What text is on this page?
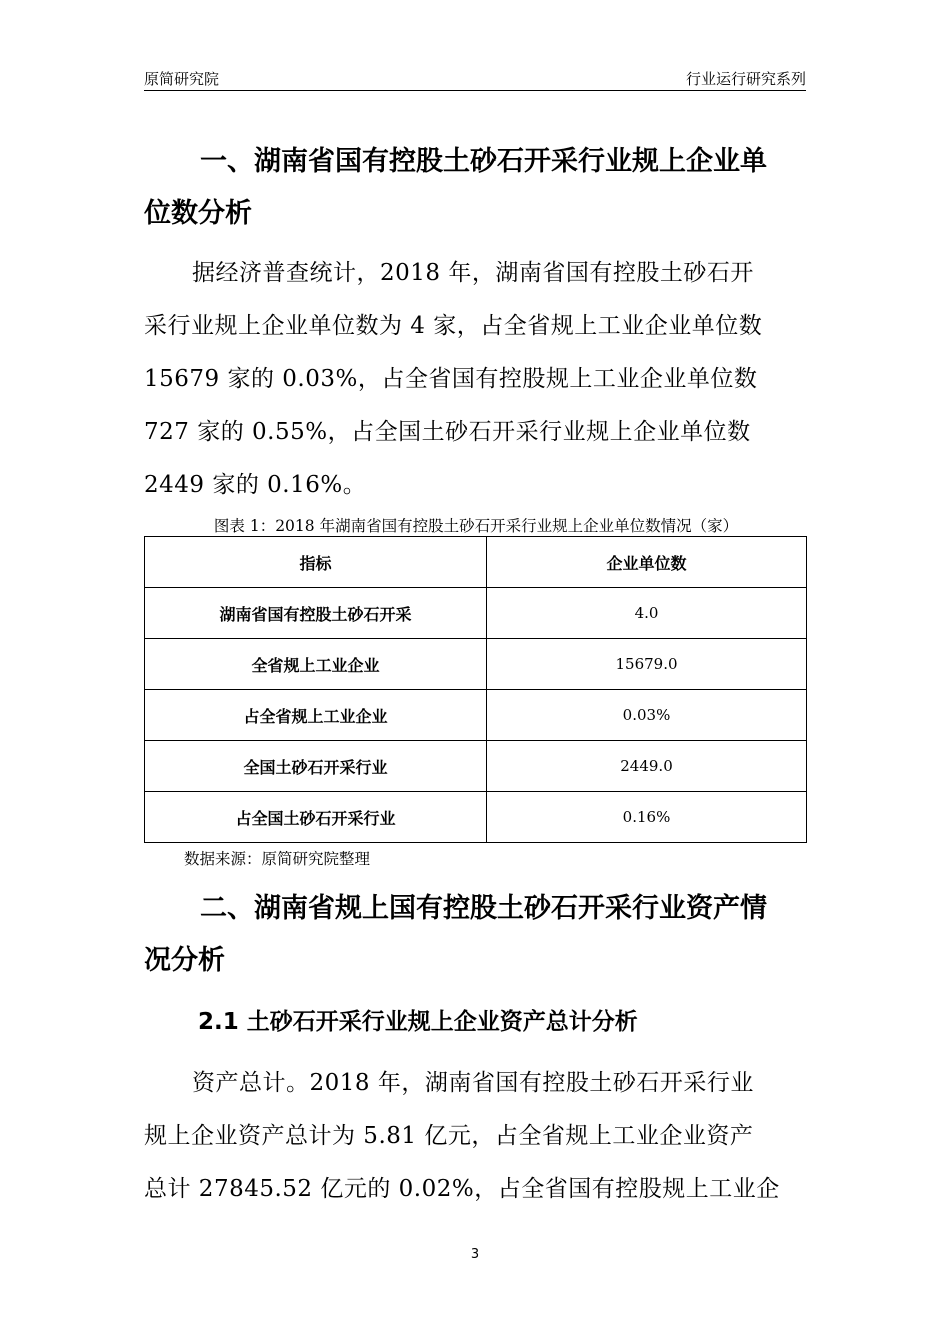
原简研究院	行业运行研究系列
一、湖南省国有控股土砂石开采行业规上企业单
位数分析
据经济普查统计，2018 年，湖南省国有控股土砂石开
采行业规上企业单位数为 4 家，占全省规上工业企业单位数
15679 家的 0.03%，占全省国有控股规上工业企业单位数
727 家的 0.55%，占全国土砂石开采行业规上企业单位数
2449 家的 0.16%。
图表 1：2018 年湖南省国有控股土砂石开采行业规上企业单位数情况（家）
指标	企业单位数
湖南省国有控股土砂石开采	4.0
全省规上工业企业	15679.0
占全省规上工业企业	0.03%
全国土砂石开采行业	2449.0
占全国土砂石开采行业	0.16%
数据来源：原简研究院整理
二、湖南省规上国有控股土砂石开采行业资产情
况分析
2.1 土砂石开采行业规上企业资产总计分析
资产总计。2018 年，湖南省国有控股土砂石开采行业
规上企业资产总计为 5.81 亿元，占全省规上工业企业资产
总计 27845.52 亿元的 0.02%，占全省国有控股规上工业企
3
